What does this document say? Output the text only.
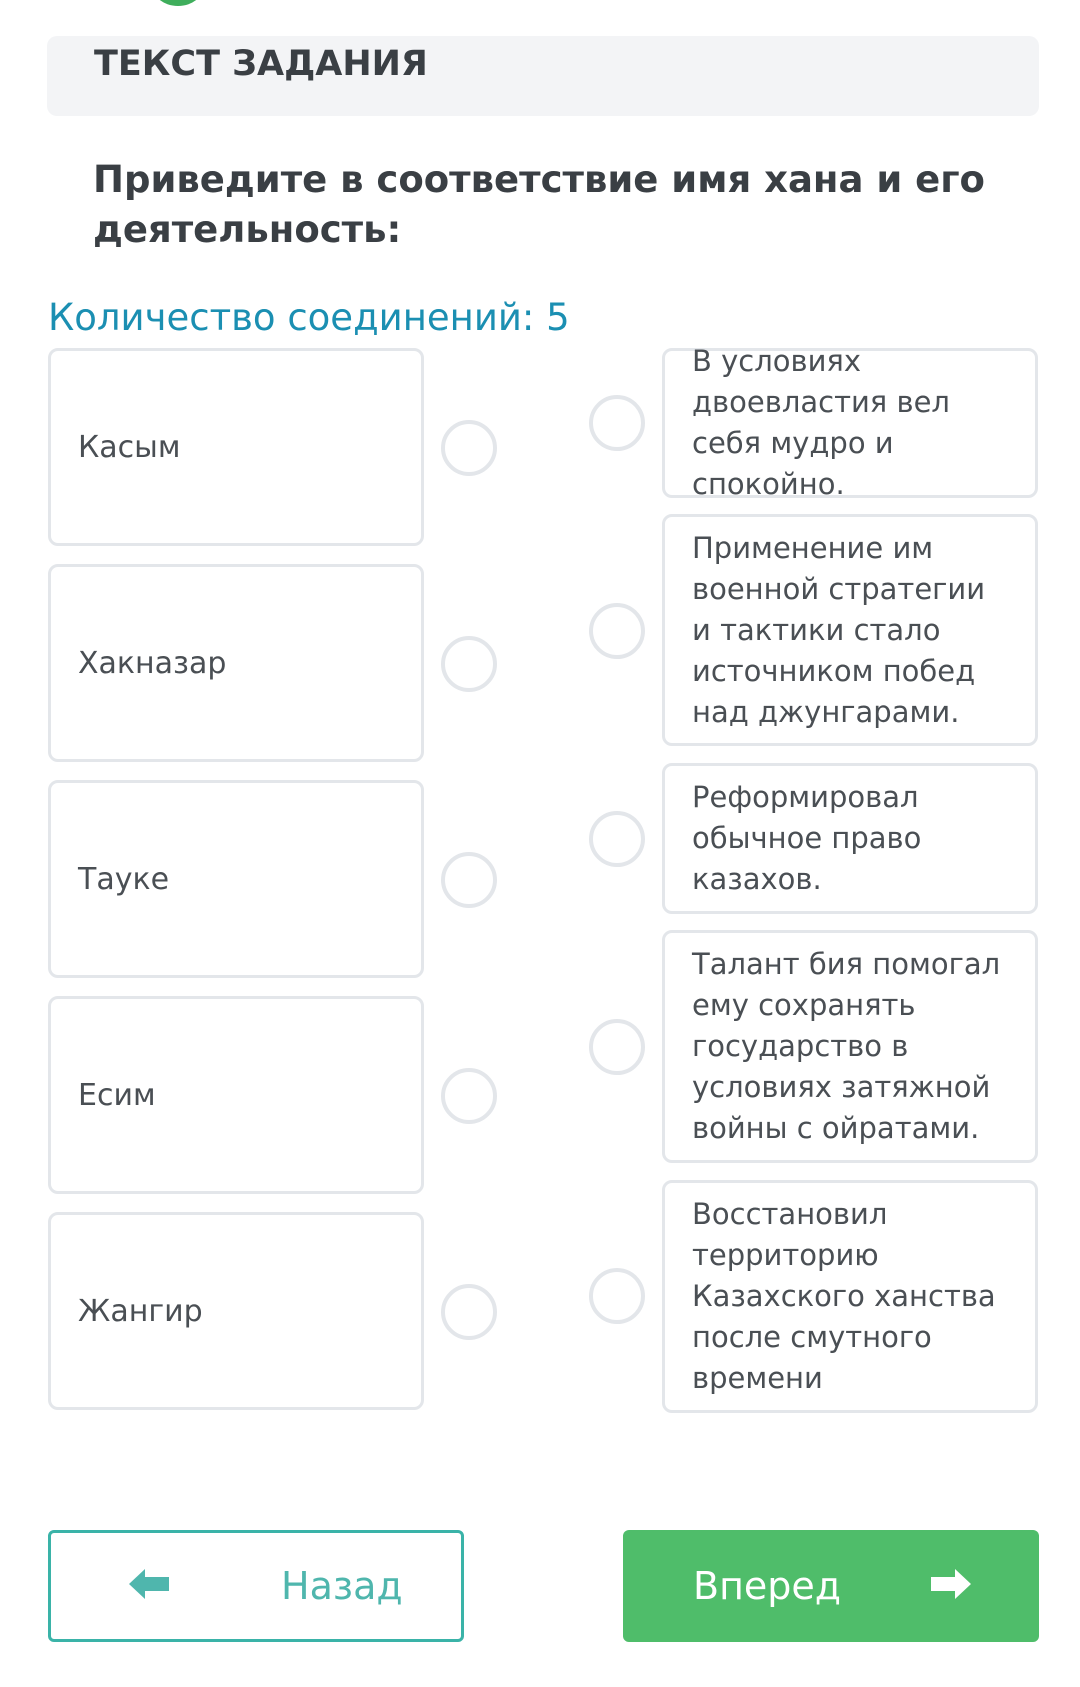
ТЕКСТ ЗАДАНИЯ
Приведите в соответствие имя хана и его деятельность:
Количество соединений: 5
Касым
Хакназар
Тауке
Есим
Жангир
В условиях двоевластия вел себя мудро и спокойно.
Применение им военной стратегии и тактики стало источником побед над джунгарами.
Реформировал обычное право казахов.
Талант бия помогал ему сохранять государство в условиях затяжной войны с ойратами.
Восстановил территорию Казахского ханства после смутного времени
Назад	Вперед
